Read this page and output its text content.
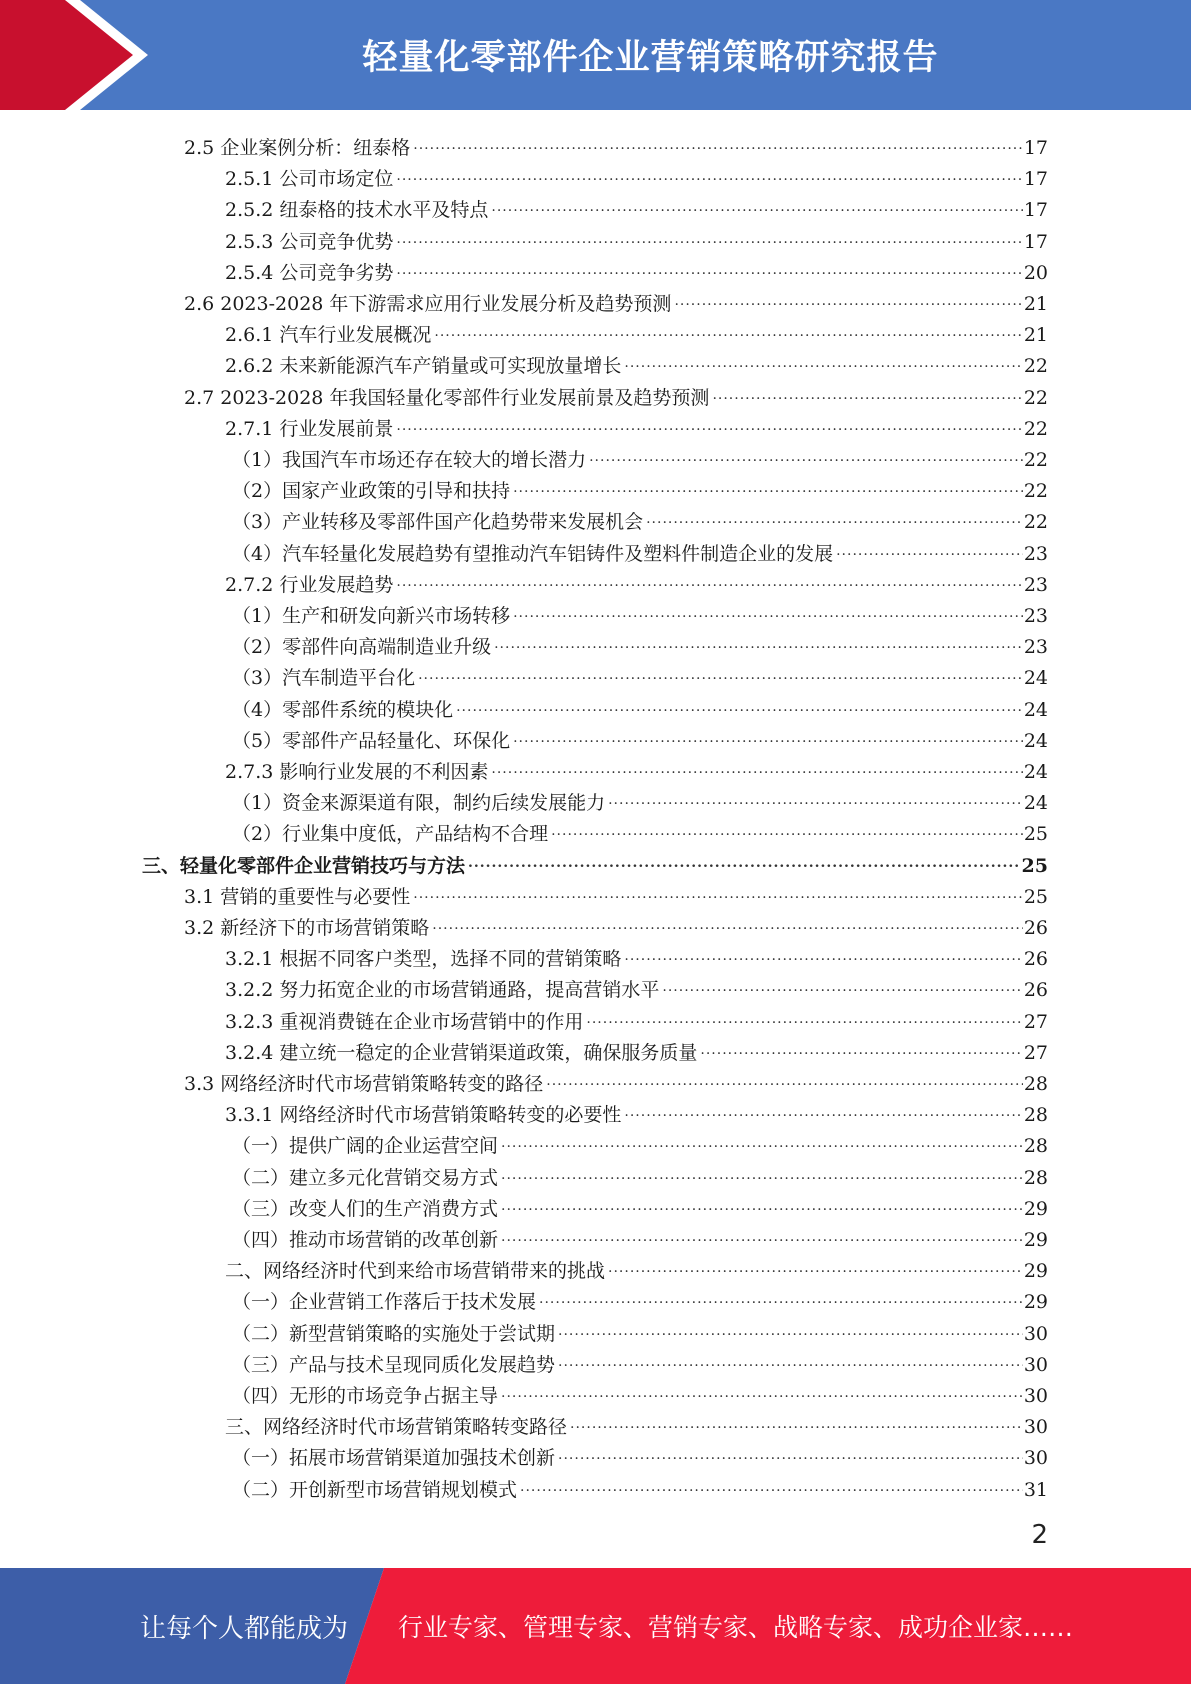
轻量化零部件企业营销策略研究报告
2.5 企业案例分析：纽泰格 .....	17
2.5.1 公司市场定位 .....	17
2.5.2 纽泰格的技术水平及特点 .....	17
2.5.3 公司竞争优势 .....	17
2.5.4 公司竞争劣势 .....	20
2.6 2023-2028 年下游需求应用行业发展分析及趋势预测 .....	21
2.6.1 汽车行业发展概况 .....	21
2.6.2 未来新能源汽车产销量或可实现放量增长 .....	22
2.7 2023-2028 年我国轻量化零部件行业发展前景及趋势预测 .....	22
2.7.1 行业发展前景 .....	22
（1）我国汽车市场还存在较大的增长潜力 .....	22
（2）国家产业政策的引导和扶持 .....	22
（3）产业转移及零部件国产化趋势带来发展机会 .....	22
（4）汽车轻量化发展趋势有望推动汽车铝铸件及塑料件制造企业的发展 .....	23
2.7.2 行业发展趋势 .....	23
（1）生产和研发向新兴市场转移 .....	23
（2）零部件向高端制造业升级 .....	23
（3）汽车制造平台化 .....	24
（4）零部件系统的模块化 .....	24
（5）零部件产品轻量化、环保化 .....	24
2.7.3 影响行业发展的不利因素 .....	24
（1）资金来源渠道有限，制约后续发展能力 .....	24
（2）行业集中度低，产品结构不合理 .....	25
三、轻量化零部件企业营销技巧与方法 .....	25
3.1 营销的重要性与必要性 .....	25
3.2 新经济下的市场营销策略 .....	26
3.2.1 根据不同客户类型，选择不同的营销策略 .....	26
3.2.2 努力拓宽企业的市场营销通路，提高营销水平 .....	26
3.2.3 重视消费链在企业市场营销中的作用 .....	27
3.2.4 建立统一稳定的企业营销渠道政策，确保服务质量 .....	27
3.3 网络经济时代市场营销策略转变的路径 .....	28
3.3.1 网络经济时代市场营销策略转变的必要性 .....	28
（一）提供广阔的企业运营空间 .....	28
（二）建立多元化营销交易方式 .....	28
（三）改变人们的生产消费方式 .....	29
（四）推动市场营销的改革创新 .....	29
二、网络经济时代到来给市场营销带来的挑战 .....	29
（一）企业营销工作落后于技术发展 .....	29
（二）新型营销策略的实施处于尝试期 .....	30
（三）产品与技术呈现同质化发展趋势 .....	30
（四）无形的市场竞争占据主导 .....	30
三、网络经济时代市场营销策略转变路径 .....	30
（一）拓展市场营销渠道加强技术创新 .....	30
（二）开创新型市场营销规划模式 .....	31
2
让每个人都能成为 行业专家、管理专家、营销专家、战略专家、成功企业家……
